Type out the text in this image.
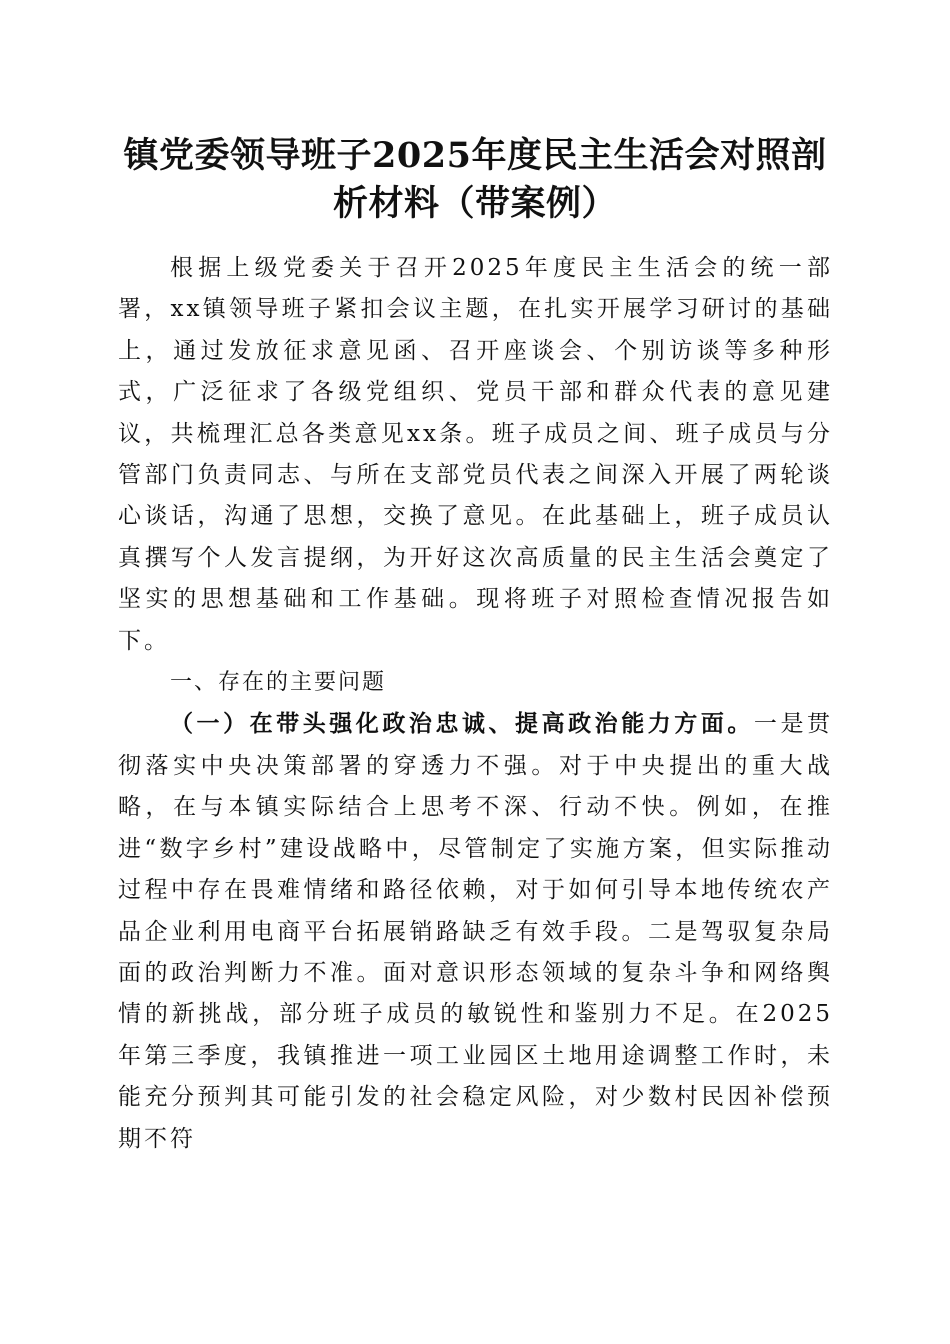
镇党委领导班子2025年度民主生活会对照剖
析材料（带案例）

根据上级党委关于召开2025年度民主生活会的统一部署，xx镇领导班子紧扣会议主题，在扎实开展学习研讨的基础上，通过发放征求意见函、召开座谈会、个别访谈等多种形式，广泛征求了各级党组织、党员干部和群众代表的意见建议，共梳理汇总各类意见xx条。班子成员之间、班子成员与分管部门负责同志、与所在支部党员代表之间深入开展了两轮谈心谈话，沟通了思想，交换了意见。在此基础上，班子成员认真撰写个人发言提纲，为开好这次高质量的民主生活会奠定了坚实的思想基础和工作基础。现将班子对照检查情况报告如下。

一、存在的主要问题

（一）在带头强化政治忠诚、提高政治能力方面。一是贯彻落实中央决策部署的穿透力不强。对于中央提出的重大战略，在与本镇实际结合上思考不深、行动不快。例如，在推进“数字乡村”建设战略中，尽管制定了实施方案，但实际推动过程中存在畏难情绪和路径依赖，对于如何引导本地传统农产品企业利用电商平台拓展销路缺乏有效手段。二是驾驭复杂局面的政治判断力不准。面对意识形态领域的复杂斗争和网络舆情的新挑战，部分班子成员的敏锐性和鉴别力不足。在2025年第三季度，我镇推进一项工业园区土地用途调整工作时，未能充分预判其可能引发的社会稳定风险，对少数村民因补偿预期不符
